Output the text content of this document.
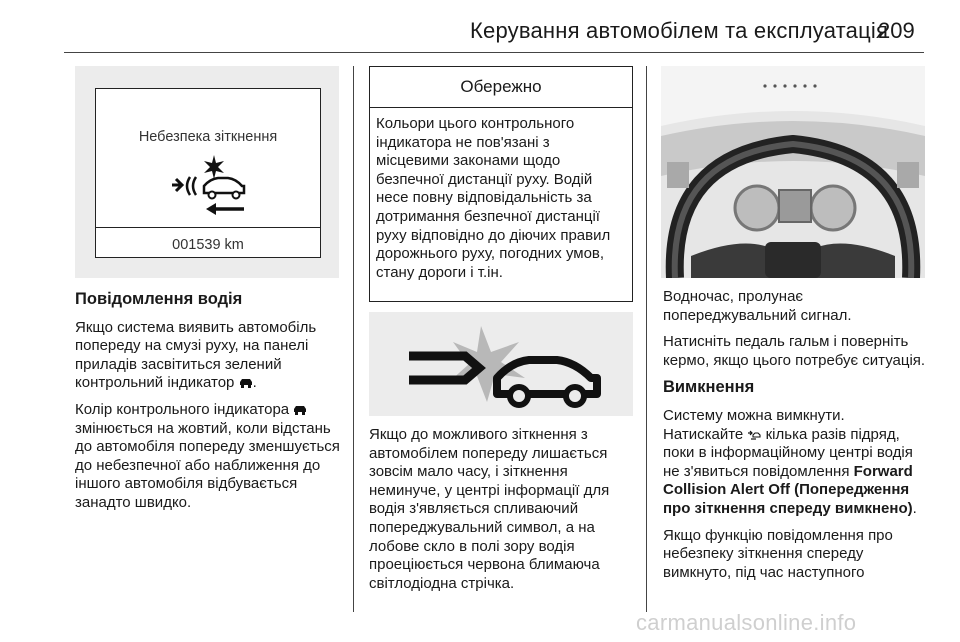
Керування автомобілем та експлуатація
209
Небезпека зіткнення
001539 km
Повідомлення водія

Якщо система виявить автомобіль попереду на смузі руху, на панелі приладів засвітиться зелений контрольний індикатор .

Колір контрольного індикатора  змінюється на жовтий, коли відстань до автомобіля попереду зменшується до небезпечної або наближення до іншого автомобіля відбувається занадто швидко.

Обережно
Кольори цього контрольного індикатора не пов'язані з місцевими законами щодо безпечної дистанції руху. Водій несе повну відповідальність за дотримання безпечної дистанції руху відповідно до діючих правил дорожнього руху, погодних умов, стану дороги і т.ін.

Якщо до можливого зіткнення з автомобілем попереду лишається зовсім мало часу, і зіткнення неминуче, у центрі інформації для водія з'являється спливаючий попереджувальний символ, а на лобове скло в полі зору водія проеціюється червона блимаюча світлодіодна стрічка.

Водночас, пролунає попереджувальний сигнал.

Натисніть педаль гальм і поверніть кермо, якщо цього потребує ситуація.

Вимкнення

Систему можна вимкнути.
Натискайте кілька разів підряд, поки в інформаційному центрі водія не з'явиться повідомлення Forward Collision Alert Off (Попередження про зіткнення спереду вимкнено).

Якщо функцію повідомлення про небезпеку зіткнення спереду вимкнуто, під час наступного

carmanualsonline.info
